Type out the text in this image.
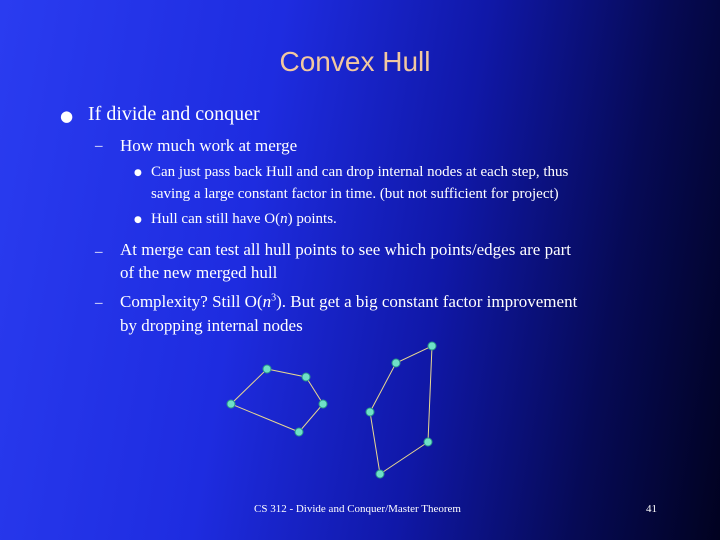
Convex Hull
● If divide and conquer
– How much work at merge
● Can just pass back Hull and can drop internal nodes at each step, thus
saving a large constant factor in time. (but not sufficient for project)
● Hull can still have O(n) points.
– At merge can test all hull points to see which points/edges are part
of the new merged hull
– Complexity? Still $O(n^3)$. But get a big constant factor improvement
by dropping internal nodes
CS 312 - Divide and Conquer/Master Theorem	41
